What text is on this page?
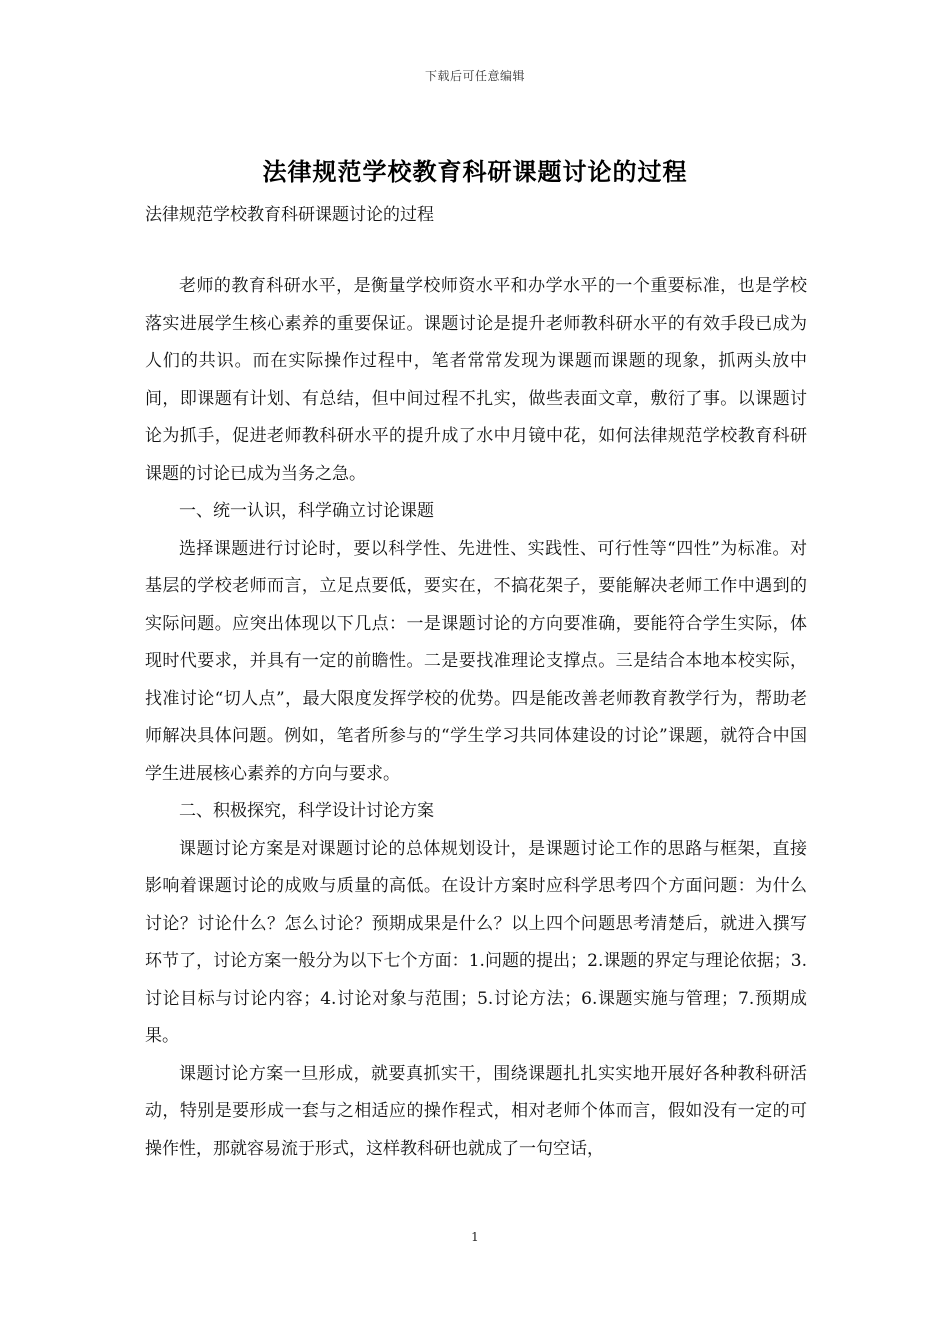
下载后可任意编辑
法律规范学校教育科研课题讨论的过程
法律规范学校教育科研课题讨论的过程

老师的教育科研水平，是衡量学校师资水平和办学水平的一个重要标准，也是学校落实进展学生核心素养的重要保证。课题讨论是提升老师教科研水平的有效手段已成为人们的共识。而在实际操作过程中，笔者常常发现为课题而课题的现象，抓两头放中间，即课题有计划、有总结，但中间过程不扎实，做些表面文章，敷衍了事。以课题讨论为抓手，促进老师教科研水平的提升成了水中月镜中花，如何法律规范学校教育科研课题的讨论已成为当务之急。

一、统一认识，科学确立讨论课题

选择课题进行讨论时，要以科学性、先进性、实践性、可行性等“四性”为标准。对基层的学校老师而言，立足点要低，要实在，不搞花架子，要能解决老师工作中遇到的实际问题。应突出体现以下几点：一是课题讨论的方向要准确，要能符合学生实际，体现时代要求，并具有一定的前瞻性。二是要找准理论支撑点。三是结合本地本校实际，找准讨论“切人点”，最大限度发挥学校的优势。四是能改善老师教育教学行为，帮助老师解决具体问题。例如，笔者所参与的“学生学习共同体建设的讨论”课题，就符合中国学生进展核心素养的方向与要求。

二、积极探究，科学设计讨论方案

课题讨论方案是对课题讨论的总体规划设计，是课题讨论工作的思路与框架，直接影响着课题讨论的成败与质量的高低。在设计方案时应科学思考四个方面问题：为什么讨论？讨论什么？怎么讨论？预期成果是什么？以上四个问题思考清楚后，就进入撰写环节了，讨论方案一般分为以下七个方面：1.问题的提出；2.课题的界定与理论依据；3.讨论目标与讨论内容；4.讨论对象与范围；5.讨论方法；6.课题实施与管理；7.预期成果。

课题讨论方案一旦形成，就要真抓实干，围绕课题扎扎实实地开展好各种教科研活动，特别是要形成一套与之相适应的操作程式，相对老师个体而言，假如没有一定的可操作性，那就容易流于形式，这样教科研也就成了一句空话，

1
